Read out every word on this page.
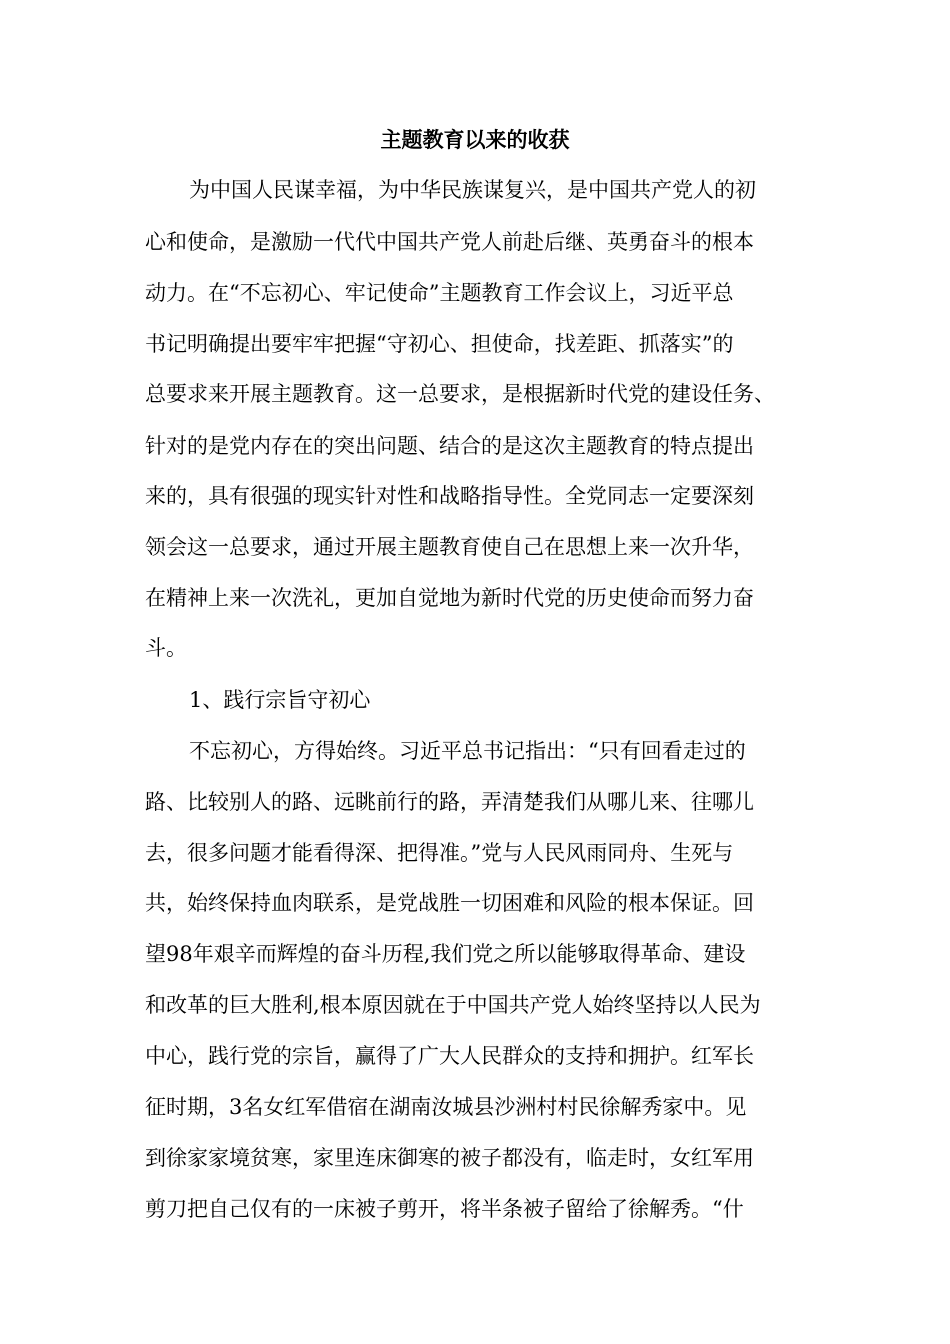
主题教育以来的收获

为中国人民谋幸福，为中华民族谋复兴，是中国共产党人的初

心和使命，是激励一代代中国共产党人前赴后继、英勇奋斗的根本

动力。在“不忘初心、牢记使命”主题教育工作会议上，习近平总

书记明确提出要牢牢把握“守初心、担使命，找差距、抓落实”的

总要求来开展主题教育。这一总要求，是根据新时代党的建设任务、

针对的是党内存在的突出问题、结合的是这次主题教育的特点提出

来的，具有很强的现实针对性和战略指导性。全党同志一定要深刻

领会这一总要求，通过开展主题教育使自己在思想上来一次升华，

在精神上来一次洗礼，更加自觉地为新时代党的历史使命而努力奋

斗。

1、践行宗旨守初心

不忘初心，方得始终。习近平总书记指出：“只有回看走过的

路、比较别人的路、远眺前行的路，弄清楚我们从哪儿来、往哪儿

去，很多问题才能看得深、把得准。”党与人民风雨同舟、生死与

共，始终保持血肉联系，是党战胜一切困难和风险的根本保证。回

望98年艰辛而辉煌的奋斗历程,我们党之所以能够取得革命、建设

和改革的巨大胜利,根本原因就在于中国共产党人始终坚持以人民为

中心，践行党的宗旨，赢得了广大人民群众的支持和拥护。红军长

征时期，3名女红军借宿在湖南汝城县沙洲村村民徐解秀家中。见

到徐家家境贫寒，家里连床御寒的被子都没有，临走时，女红军用

剪刀把自己仅有的一床被子剪开，将半条被子留给了徐解秀。“什
